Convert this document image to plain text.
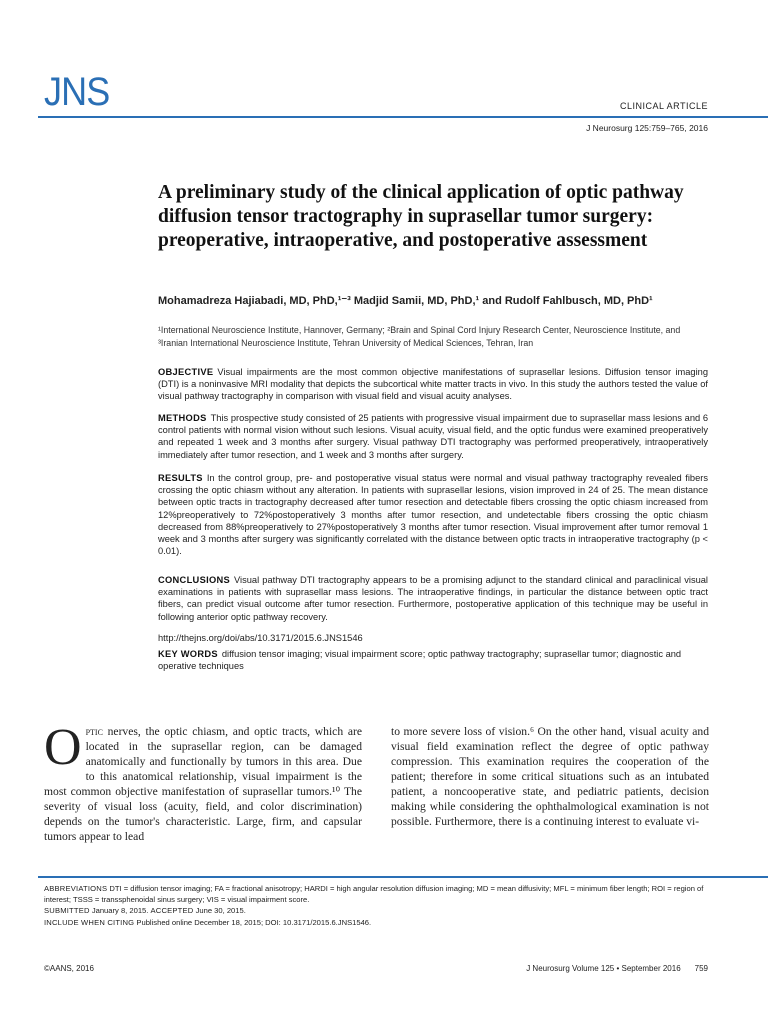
JNS	CLINICAL ARTICLE
J Neurosurg 125:759–765, 2016
A preliminary study of the clinical application of optic pathway diffusion tensor tractography in suprasellar tumor surgery: preoperative, intraoperative, and postoperative assessment
Mohamadreza Hajiabadi, MD, PhD,¹⁻³ Madjid Samii, MD, PhD,¹ and Rudolf Fahlbusch, MD, PhD¹
¹International Neuroscience Institute, Hannover, Germany; ²Brain and Spinal Cord Injury Research Center, Neuroscience Institute, and ³Iranian International Neuroscience Institute, Tehran University of Medical Sciences, Tehran, Iran
OBJECTIVE Visual impairments are the most common objective manifestations of suprasellar lesions. Diffusion tensor imaging (DTI) is a noninvasive MRI modality that depicts the subcortical white matter tracts in vivo. In this study the authors tested the value of visual pathway tractography in comparison with visual field and visual acuity analyses.
METHODS This prospective study consisted of 25 patients with progressive visual impairment due to suprasellar mass lesions and 6 control patients with normal vision without such lesions. Visual acuity, visual field, and the optic fundus were examined preoperatively and repeated 1 week and 3 months after surgery. Visual pathway DTI tractography was performed preoperatively, intraoperatively immediately after tumor resection, and 1 week and 3 months after surgery.
RESULTS In the control group, pre- and postoperative visual status were normal and visual pathway tractography revealed fibers crossing the optic chiasm without any alteration. In patients with suprasellar lesions, vision improved in 24 of 25. The mean distance between optic tracts in tractography decreased after tumor resection and detectable fibers crossing the optic chiasm increased from 12%preoperatively to 72%postoperatively 3 months after tumor resection, and undetectable fibers crossing the optic chiasm decreased from 88%preoperatively to 27%postoperatively 3 months after tumor resection. Visual improvement after tumor removal 1 week and 3 months after surgery was significantly correlated with the distance between optic tracts in intraoperative tractography (p < 0.01).
CONCLUSIONS Visual pathway DTI tractography appears to be a promising adjunct to the standard clinical and paraclinical visual examinations in patients with suprasellar mass lesions. The intraoperative findings, in particular the distance between optic tract fibers, can predict visual outcome after tumor resection. Furthermore, postoperative application of this technique may be useful in following anterior optic pathway recovery.
http://thejns.org/doi/abs/10.3171/2015.6.JNS1546
KEY WORDS diffusion tensor imaging; visual impairment score; optic pathway tractography; suprasellar tumor; diagnostic and operative techniques
Optic nerves, the optic chiasm, and optic tracts, which are located in the suprasellar region, can be damaged anatomically and functionally by tumors in this area. Due to this anatomical relationship, visual impairment is the most common objective manifestation of suprasellar tumors.¹⁰ The severity of visual loss (acuity, field, and color discrimination) depends on the tumor's characteristic. Large, firm, and capsular tumors appear to lead
to more severe loss of vision.⁶ On the other hand, visual acuity and visual field examination reflect the degree of optic pathway compression. This examination requires the cooperation of the patient; therefore in some critical situations such as an intubated patient, a noncooperative state, and pediatric patients, decision making while considering the ophthalmological examination is not possible. Furthermore, there is a continuing interest to evaluate vi-
ABBREVIATIONS DTI = diffusion tensor imaging; FA = fractional anisotropy; HARDI = high angular resolution diffusion imaging; MD = mean diffusivity; MFL = minimum fiber length; ROI = region of interest; TSSS = transsphenoidal sinus surgery; VIS = visual impairment score.
SUBMITTED January 8, 2015. ACCEPTED June 30, 2015.
INCLUDE WHEN CITING Published online December 18, 2015; DOI: 10.3171/2015.6.JNS1546.
©AANS, 2016	J Neurosurg Volume 125 • September 2016 759
